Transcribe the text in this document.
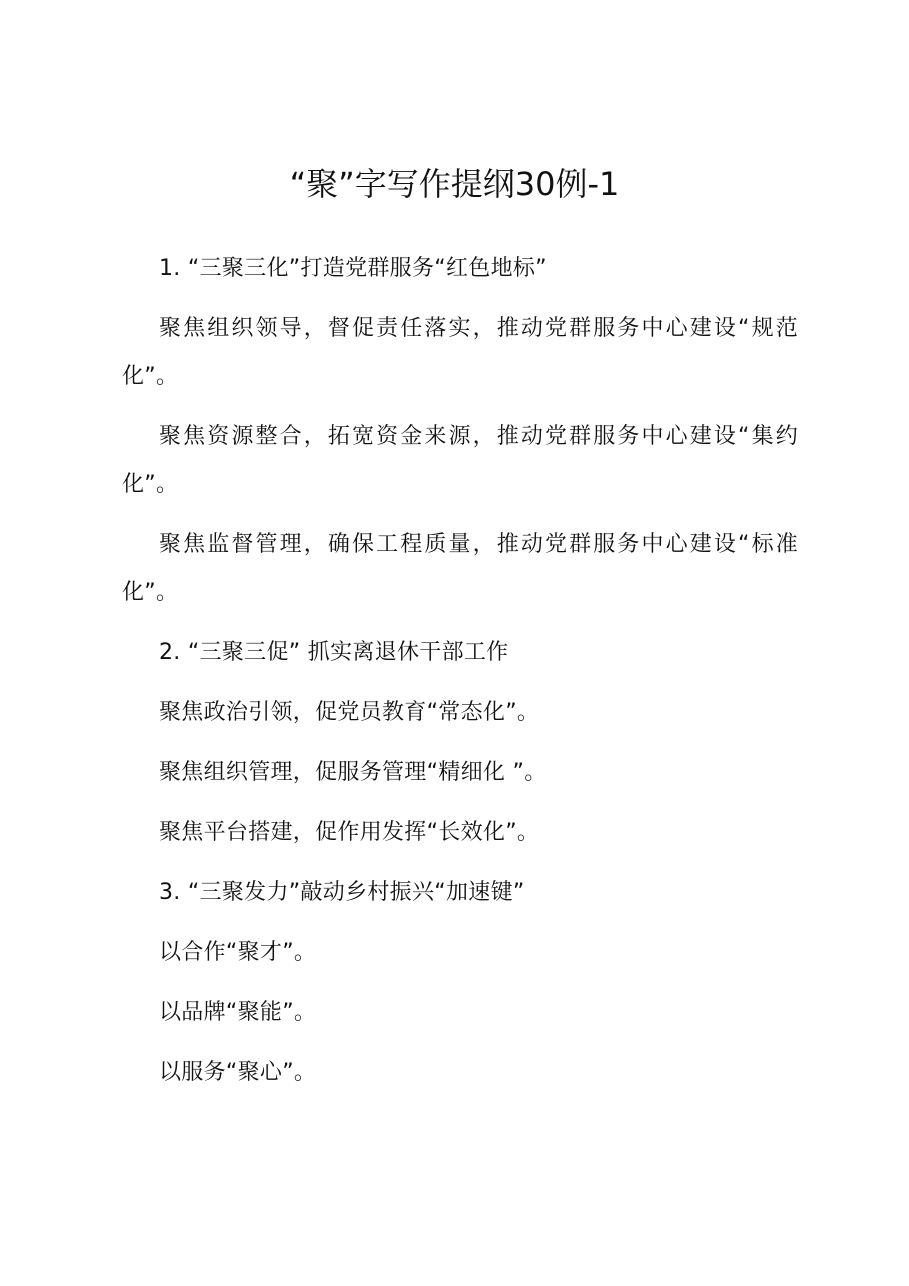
“聚”字写作提纲30例-1

1. “三聚三化”打造党群服务“红色地标”

聚焦组织领导，督促责任落实，推动党群服务中心建设“规范化”。

聚焦资源整合，拓宽资金来源，推动党群服务中心建设“集约化”。

聚焦监督管理，确保工程质量，推动党群服务中心建设“标准化”。

2. “三聚三促” 抓实离退休干部工作

聚焦政治引领，促党员教育“常态化”。

聚焦组织管理，促服务管理“精细化 ”。

聚焦平台搭建，促作用发挥“长效化”。

3. “三聚发力”敲动乡村振兴“加速键”

以合作“聚才”。

以品牌“聚能”。

以服务“聚心”。
